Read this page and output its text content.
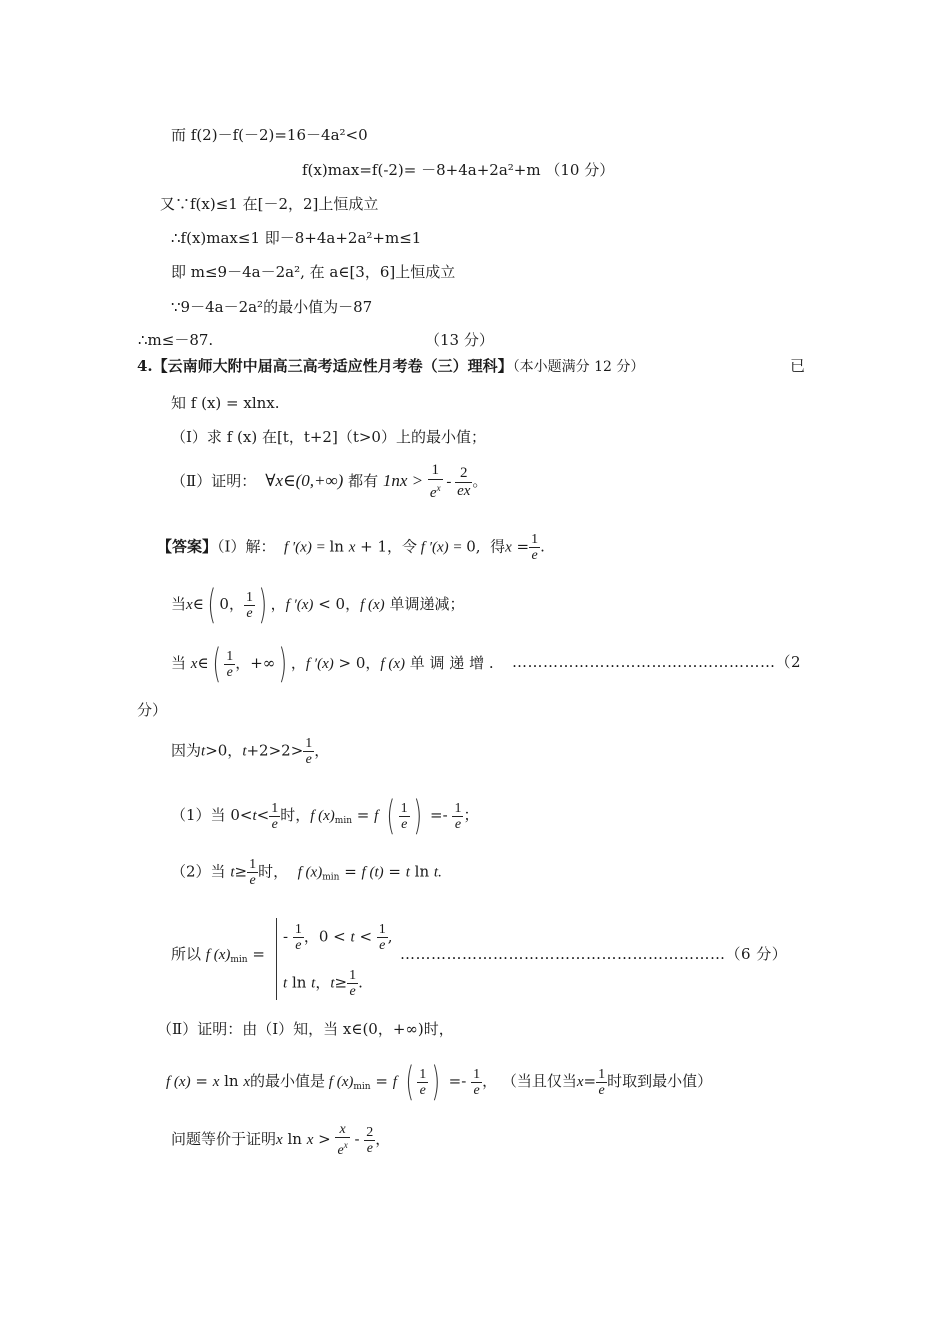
而 f(2)－f(－2)=16－4a²<0
f(x)max=f(-2)= －8+4a+2a²+m （10 分）
又∵f(x)≤1 在[－2，2]上恒成立
∴f(x)max≤1 即－8+4a+2a²+m≤1
即 m≤9－4a－2a², 在 a∈[3，6]上恒成立
∵9－4a－2a²的最小值为－87
∴m≤－87.	（13 分）
4.【云南师大附中届高三高考适应性月考卷（三）理科】（本小题满分 12 分）	已
知 f (x) = xlnx.
（I）求 f (x) 在[t，t+2]（t>0）上的最小值；
（Ⅱ）证明：  ∀x∈(0,+∞) 都有 $1nx > \frac{1}{e^x} - \frac{2}{ex}$ 。
【答案】（Ⅰ）解：  f ′(x) = ln x + 1，令 f ′(x) = 0,  得$x = \frac{1}{e}$ .
当x∈( 0， $\frac{1}{e}$ ) ，f ′(x) < 0，f (x) 单调递减；
当 x∈( $\frac{1}{e}$ ，+∞) ，f ′(x) > 0，f (x) 单 调 递 增 . ……………………………………………（2
分）
因为t>0，$t+2>2> \frac{1}{e}$ ，
（1）当 $0<t< \frac{1}{e}$ 时，f $(x)_{min} = f$ ( $\frac{1}{e}$ ) =- $\frac{1}{e}$ ；
（2）当 $t\ge \frac{1}{e}$ 时， f $(x)_{min} = f$ (t) = t ln t.
所以 f $(x)_{min}$ =
- $\frac{1}{e}$ ，$0 < t < \frac{1}{e}$ ,
t ln t，$t\ge \frac{1}{e}$ .
………………………………………………………（6 分）
（Ⅱ）证明：由（Ⅰ）知，当 x∈(0，+∞)时，
f (x) = x ln x的最小值是 f $(x)_{min} = f$ ( $\frac{1}{e}$ ) =- $\frac{1}{e}$ ， （当且仅当$x= \frac{1}{e}$ 时取到最小值）
问题等价于证明x $\ln x > \frac{x}{e^x} - \frac{2}{e}$ ，
